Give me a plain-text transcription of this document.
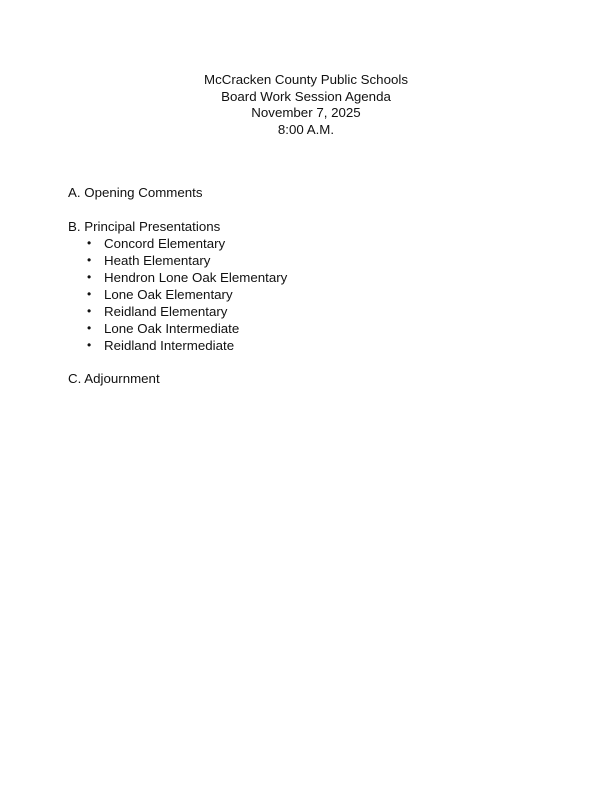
McCracken County Public Schools
Board Work Session Agenda
November 7, 2025
8:00 A.M.
A. Opening Comments
B. Principal Presentations
• Concord Elementary
• Heath Elementary
• Hendron Lone Oak Elementary
• Lone Oak Elementary
• Reidland Elementary
• Lone Oak Intermediate
• Reidland Intermediate
C. Adjournment
